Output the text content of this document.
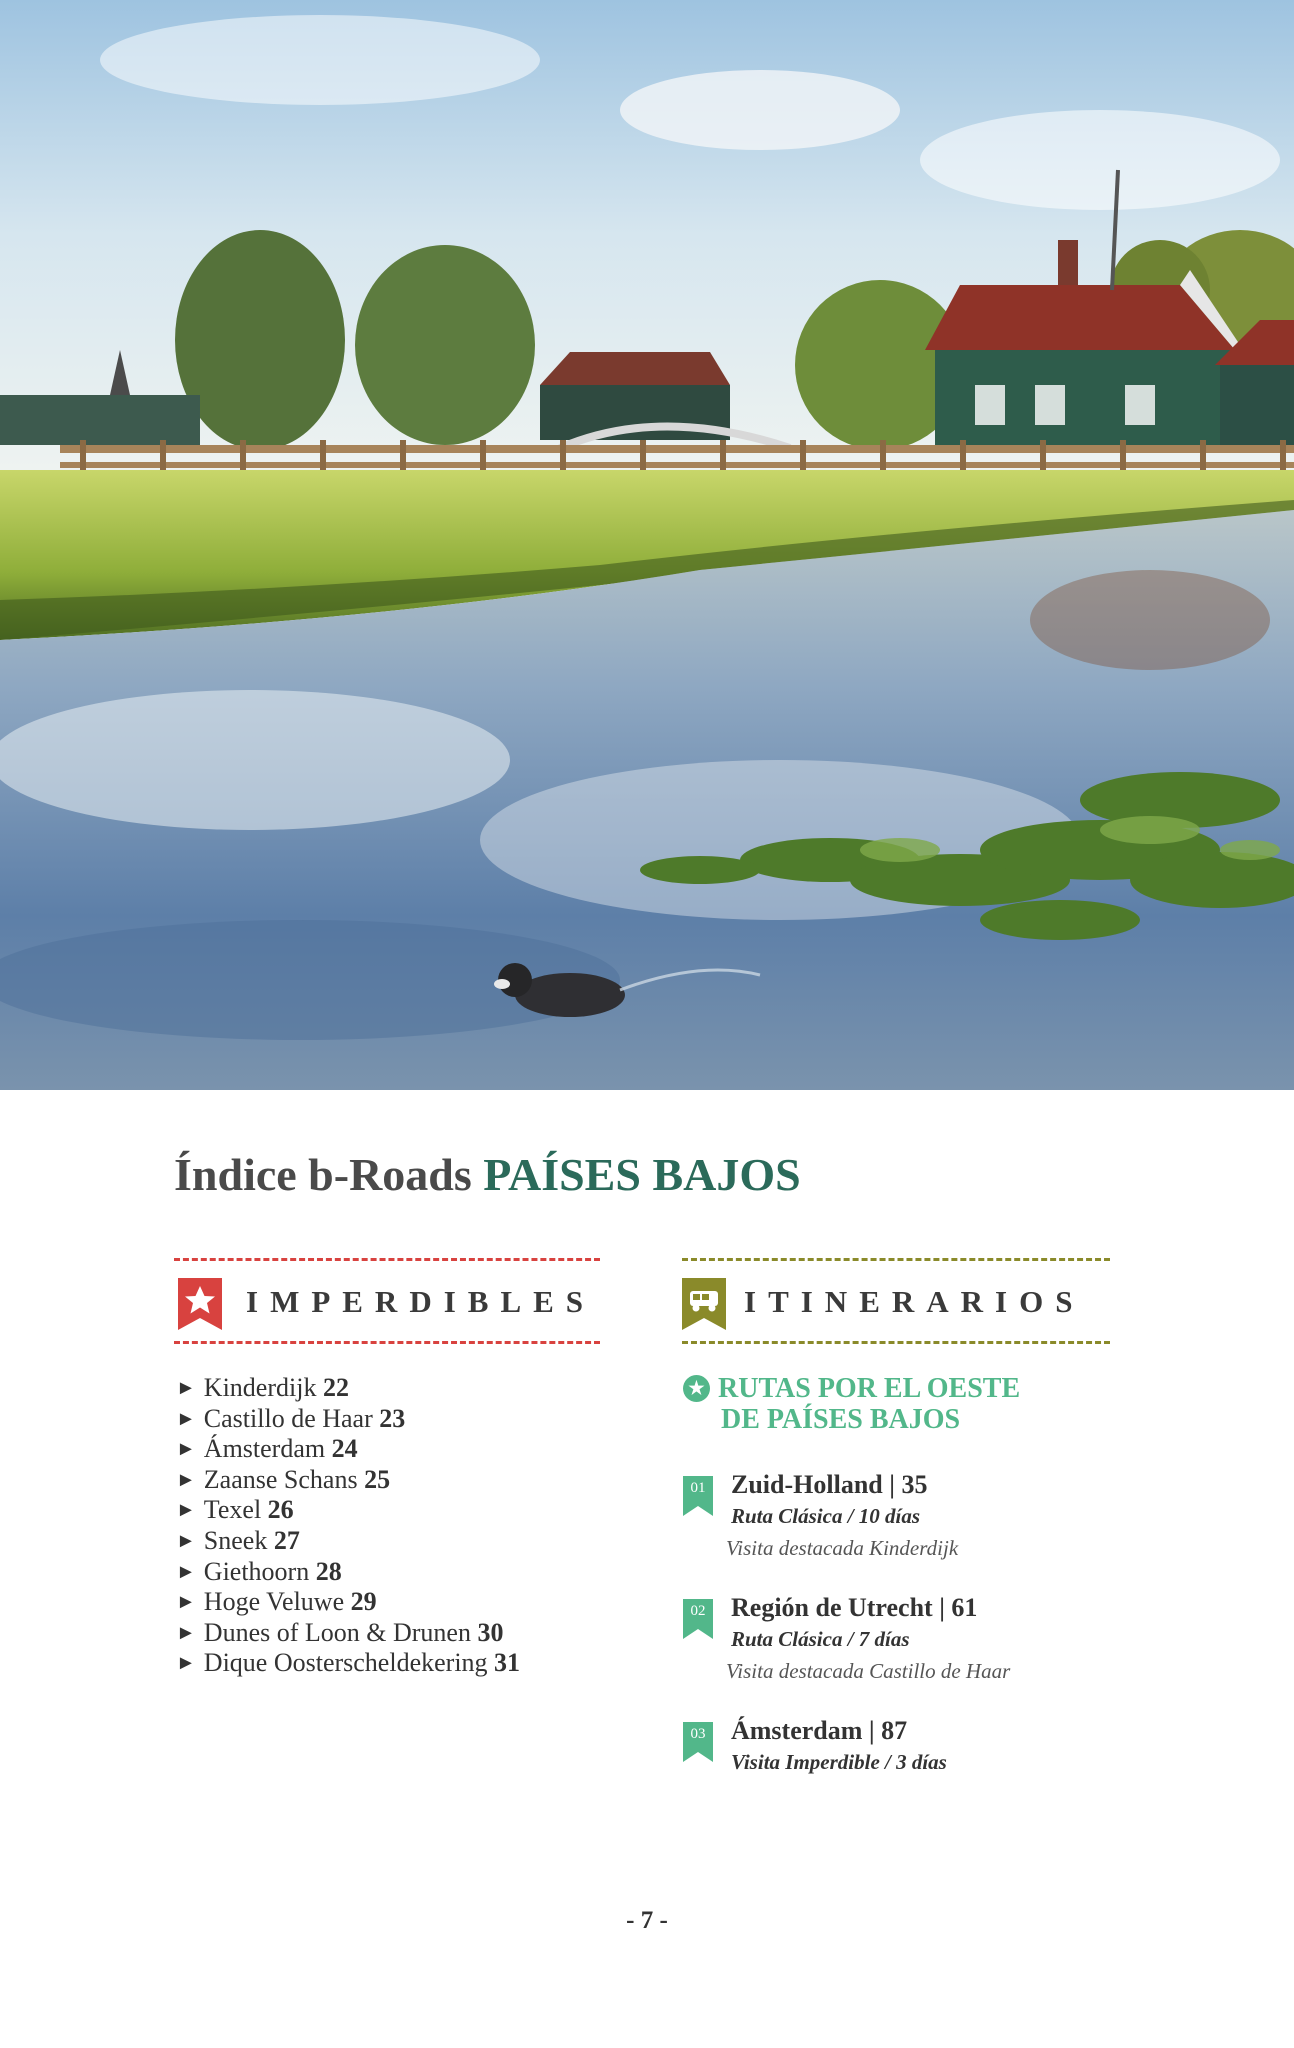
Índice b-Roads PAÍSES BAJOS
IMPERDIBLES	ITINERARIOS
► Kinderdijk 22
► Castillo de Haar 23
► Ámsterdam 24
► Zaanse Schans 25
► Texel 26
► Sneek 27
► Giethoorn 28
► Hoge Veluwe 29
► Dunes of Loon & Drunen 30
► Dique Oosterscheldekering 31
★ RUTAS POR EL OESTE
DE PAÍSES BAJOS
01 Zuid-Holland | 35
Ruta Clásica / 10 días
Visita destacada Kinderdijk
02 Región de Utrecht | 61
Ruta Clásica / 7 días
Visita destacada Castillo de Haar
03 Ámsterdam | 87
Visita Imperdible / 3 días
- 7 -
